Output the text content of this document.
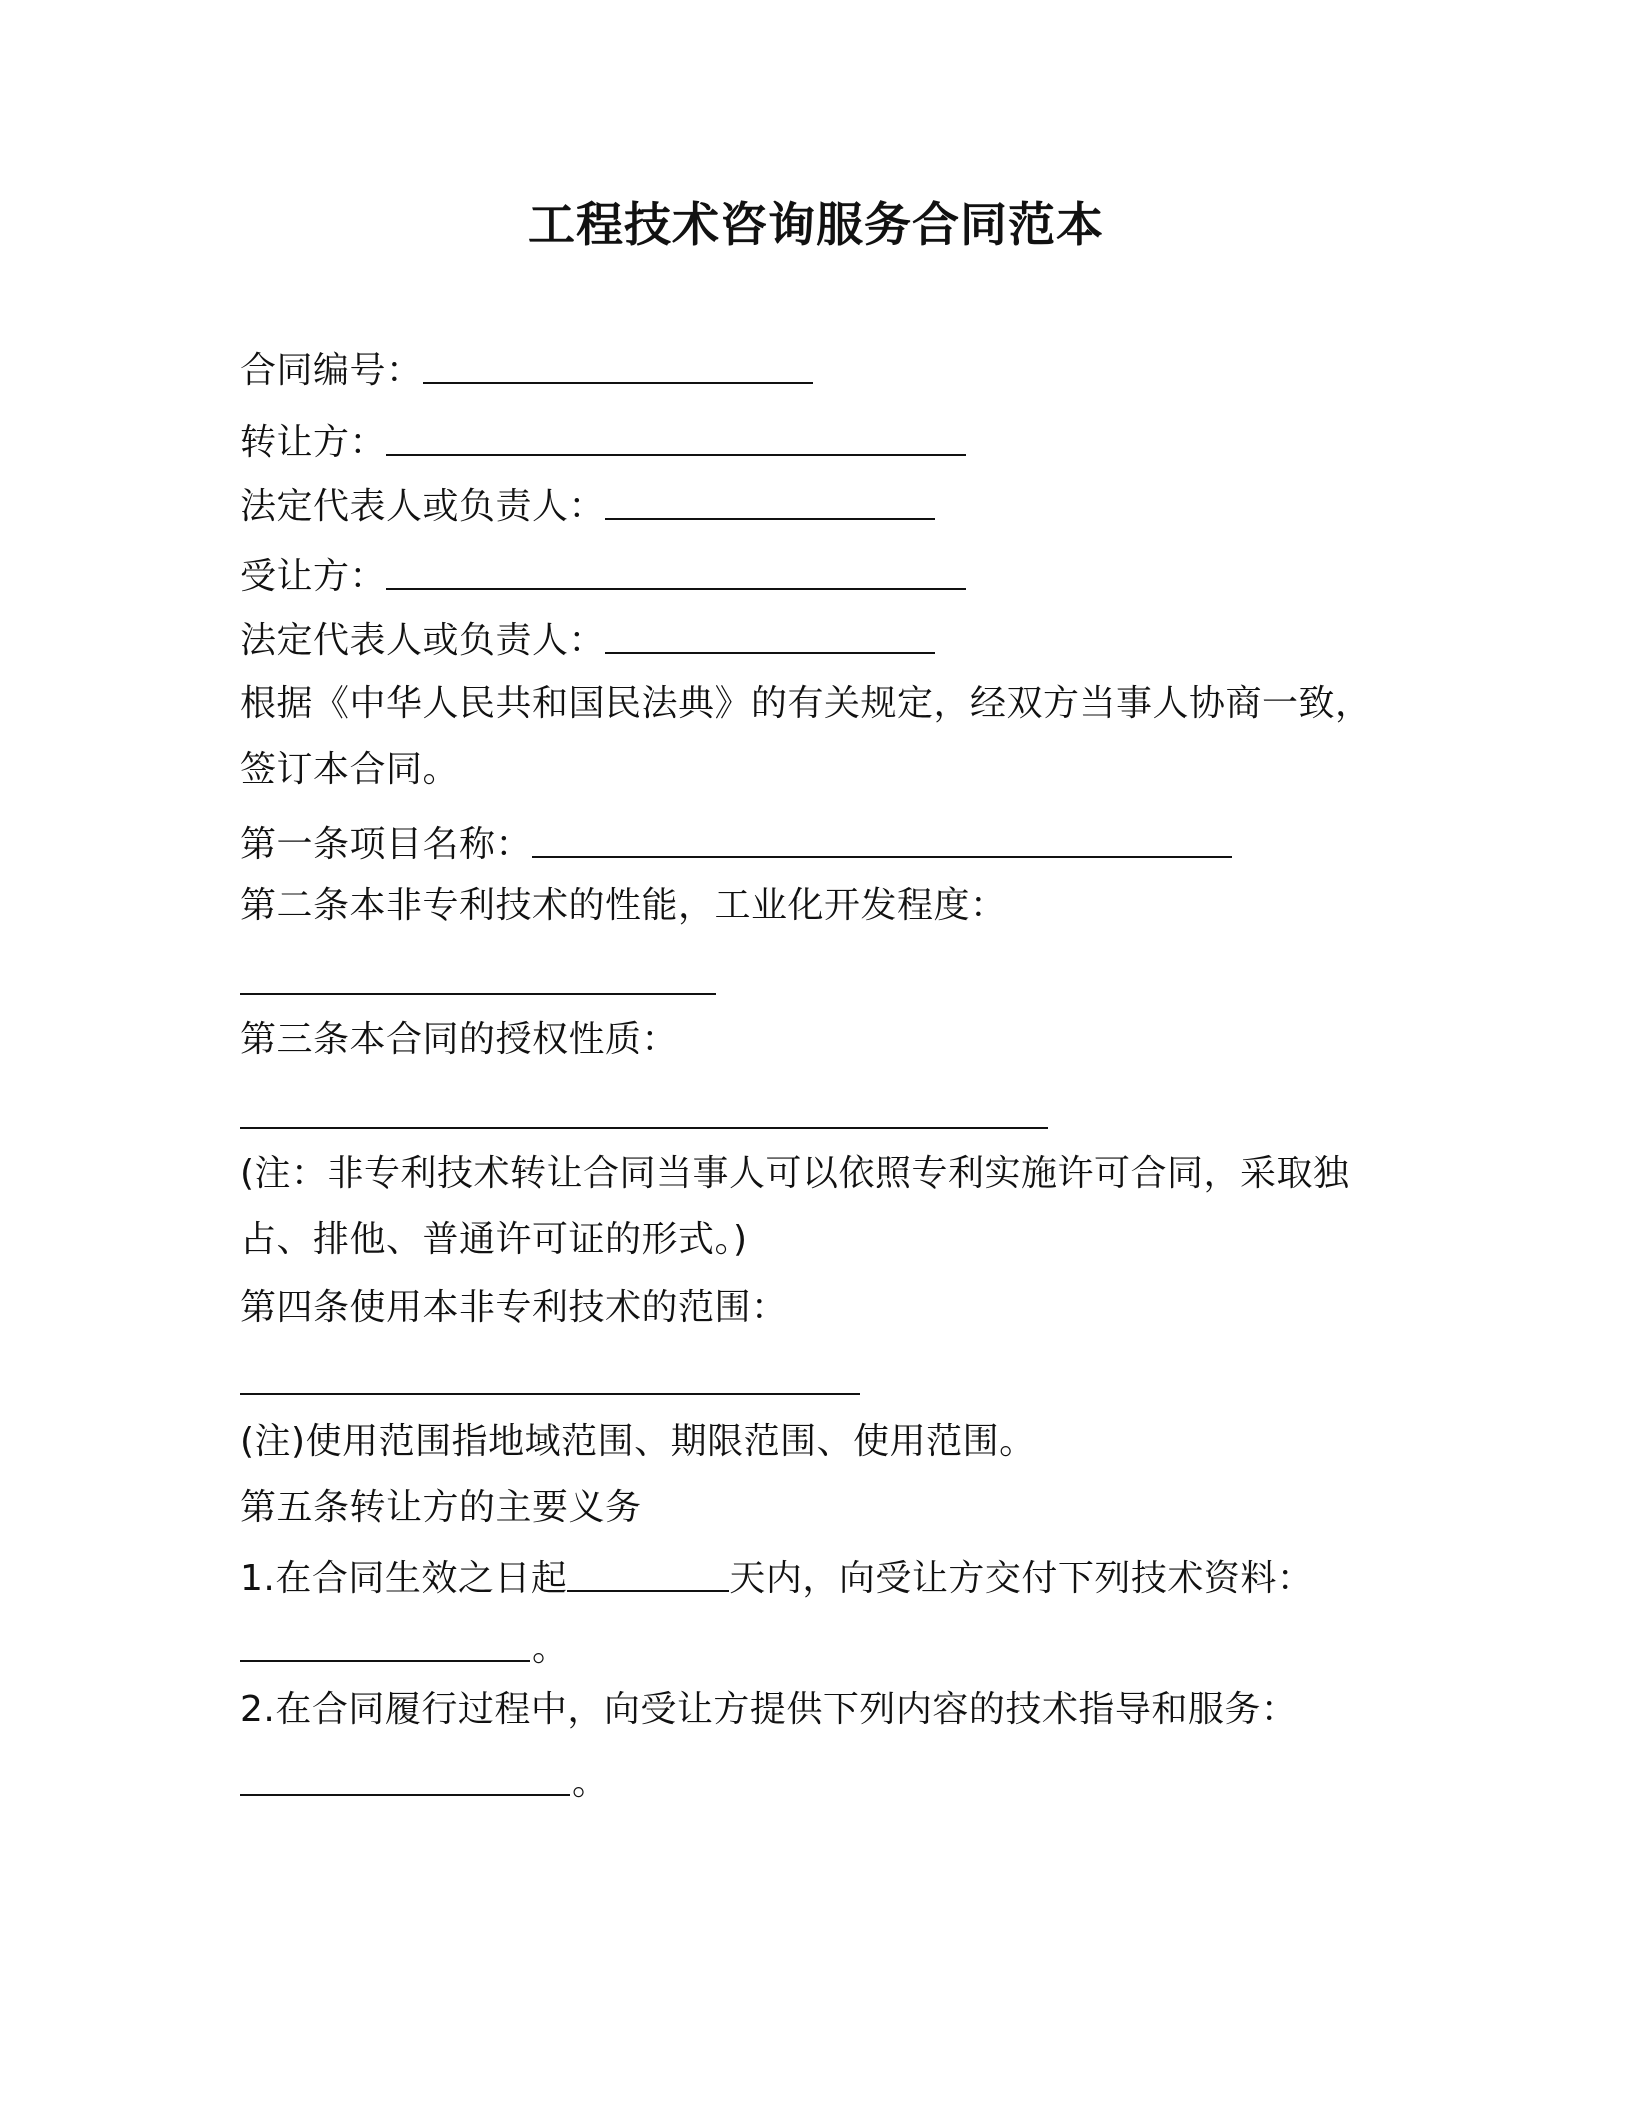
工程技术咨询服务合同范本
合同编号：
转让方：
法定代表人或负责人：
受让方：
法定代表人或负责人：
根据《中华人民共和国民法典》的有关规定，经双方当事人协商一致，
签订本合同。
第一条项目名称：
第二条本非专利技术的性能，工业化开发程度：
第三条本合同的授权性质：
(注：非专利技术转让合同当事人可以依照专利实施许可合同，采取独
占、排他、普通许可证的形式。)
第四条使用本非专利技术的范围：
(注)使用范围指地域范围、期限范围、使用范围。
第五条转让方的主要义务
1.在合同生效之日起	天内，向受让方交付下列技术资料：
。
2.在合同履行过程中，向受让方提供下列内容的技术指导和服务：
。
